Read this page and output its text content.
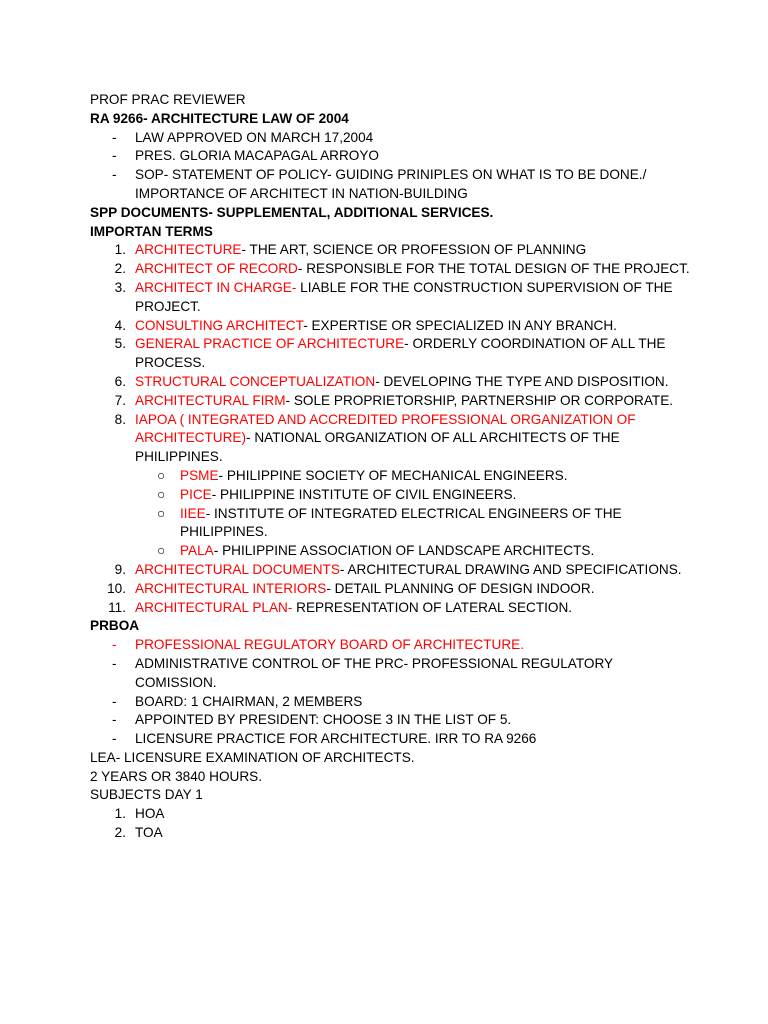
PROF PRAC REVIEWER

RA 9266- ARCHITECTURE LAW OF 2004

- LAW APPROVED ON MARCH 17,2004
- PRES. GLORIA MACAPAGAL ARROYO
- SOP- STATEMENT OF POLICY- GUIDING PRINIPLES ON WHAT IS TO BE DONE./ IMPORTANCE OF ARCHITECT IN NATION-BUILDING

SPP DOCUMENTS- SUPPLEMENTAL, ADDITIONAL SERVICES.

IMPORTAN TERMS

1. ARCHITECTURE- THE ART, SCIENCE OR PROFESSION OF PLANNING
2. ARCHITECT OF RECORD- RESPONSIBLE FOR THE TOTAL DESIGN OF THE PROJECT.
3. ARCHITECT IN CHARGE- LIABLE FOR THE CONSTRUCTION SUPERVISION OF THE PROJECT.
4. CONSULTING ARCHITECT- EXPERTISE OR SPECIALIZED IN ANY BRANCH.
5. GENERAL PRACTICE OF ARCHITECTURE- ORDERLY COORDINATION OF ALL THE PROCESS.
6. STRUCTURAL CONCEPTUALIZATION- DEVELOPING THE TYPE AND DISPOSITION.
7. ARCHITECTURAL FIRM- SOLE PROPRIETORSHIP, PARTNERSHIP OR CORPORATE.
8. IAPOA ( INTEGRATED AND ACCREDITED PROFESSIONAL ORGANIZATION OF ARCHITECTURE)- NATIONAL ORGANIZATION OF ALL ARCHITECTS OF THE PHILIPPINES.
○ PSME- PHILIPPINE SOCIETY OF MECHANICAL ENGINEERS.
○ PICE- PHILIPPINE INSTITUTE OF CIVIL ENGINEERS.
○ IIEE- INSTITUTE OF INTEGRATED ELECTRICAL ENGINEERS OF THE PHILIPPINES.
○ PALA- PHILIPPINE ASSOCIATION OF LANDSCAPE ARCHITECTS.
9. ARCHITECTURAL DOCUMENTS- ARCHITECTURAL DRAWING AND SPECIFICATIONS.
10. ARCHITECTURAL INTERIORS- DETAIL PLANNING OF DESIGN INDOOR.
11. ARCHITECTURAL PLAN- REPRESENTATION OF LATERAL SECTION.

PRBOA

- PROFESSIONAL REGULATORY BOARD OF ARCHITECTURE.
- ADMINISTRATIVE CONTROL OF THE PRC- PROFESSIONAL REGULATORY COMISSION.
- BOARD: 1 CHAIRMAN, 2 MEMBERS
- APPOINTED BY PRESIDENT: CHOOSE 3 IN THE LIST OF 5.
- LICENSURE PRACTICE FOR ARCHITECTURE. IRR TO RA 9266

LEA- LICENSURE EXAMINATION OF ARCHITECTS.

2 YEARS OR 3840 HOURS.

SUBJECTS DAY 1

1. HOA
2. TOA
